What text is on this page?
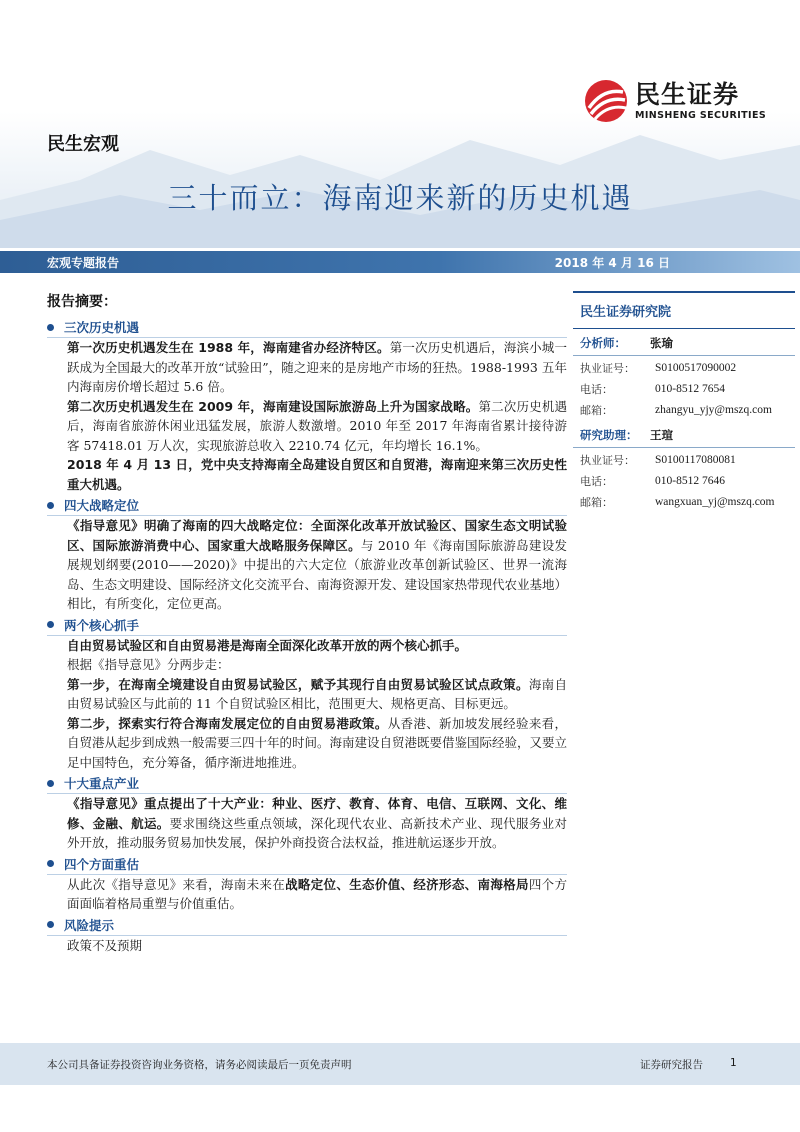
民生证券
MINSHENG SECURITIES
民生宏观
三十而立：海南迎来新的历史机遇
宏观专题报告	2018 年 4 月 16 日
报告摘要：
三次历史机遇
第一次历史机遇发生在 1988 年，海南建省办经济特区。第一次历史机遇后，海滨小城一跃成为全国最大的改革开放“试验田”，随之迎来的是房地产市场的狂热。1988-1993 五年内海南房价增长超过 5.6 倍。
第二次历史机遇发生在 2009 年，海南建设国际旅游岛上升为国家战略。第二次历史机遇后，海南省旅游休闲业迅猛发展，旅游人数激增。2010 年至 2017 年海南省累计接待游客 57418.01 万人次，实现旅游总收入 2210.74 亿元，年均增长 16.1%。
2018 年 4 月 13 日，党中央支持海南全岛建设自贸区和自贸港，海南迎来第三次历史性重大机遇。
四大战略定位
《指导意见》明确了海南的四大战略定位：全面深化改革开放试验区、国家生态文明试验区、国际旅游消费中心、国家重大战略服务保障区。与 2010 年《海南国际旅游岛建设发展规划纲要(2010——2020)》中提出的六大定位（旅游业改革创新试验区、世界一流海岛、生态文明建设、国际经济文化交流平台、南海资源开发、建设国家热带现代农业基地）相比，有所变化，定位更高。
两个核心抓手
自由贸易试验区和自由贸易港是海南全面深化改革开放的两个核心抓手。
根据《指导意见》分两步走：
第一步，在海南全境建设自由贸易试验区，赋予其现行自由贸易试验区试点政策。海南自由贸易试验区与此前的 11 个自贸试验区相比，范围更大、规格更高、目标更远。
第二步，探索实行符合海南发展定位的自由贸易港政策。从香港、新加坡发展经验来看，自贸港从起步到成熟一般需要三四十年的时间。海南建设自贸港既要借鉴国际经验，又要立足中国特色，充分筹备，循序渐进地推进。
十大重点产业
《指导意见》重点提出了十大产业：种业、医疗、教育、体育、电信、互联网、文化、维修、金融、航运。要求围绕这些重点领域，深化现代农业、高新技术产业、现代服务业对外开放，推动服务贸易加快发展，保护外商投资合法权益，推进航运逐步开放。
四个方面重估
从此次《指导意见》来看，海南未来在战略定位、生态价值、经济形态、南海格局四个方面面临着格局重塑与价值重估。
风险提示
政策不及预期
民生证券研究院
分析师：	张瑜
执业证号：	S0100517090002
电话：	010-8512 7654
邮箱：	zhangyu_yjy@mszq.com
研究助理：	王瑄
执业证号：	S0100117080081
电话：	010-8512 7646
邮箱：	wangxuan_yj@mszq.com
本公司具备证券投资咨询业务资格，请务必阅读最后一页免责声明	证券研究报告	1
